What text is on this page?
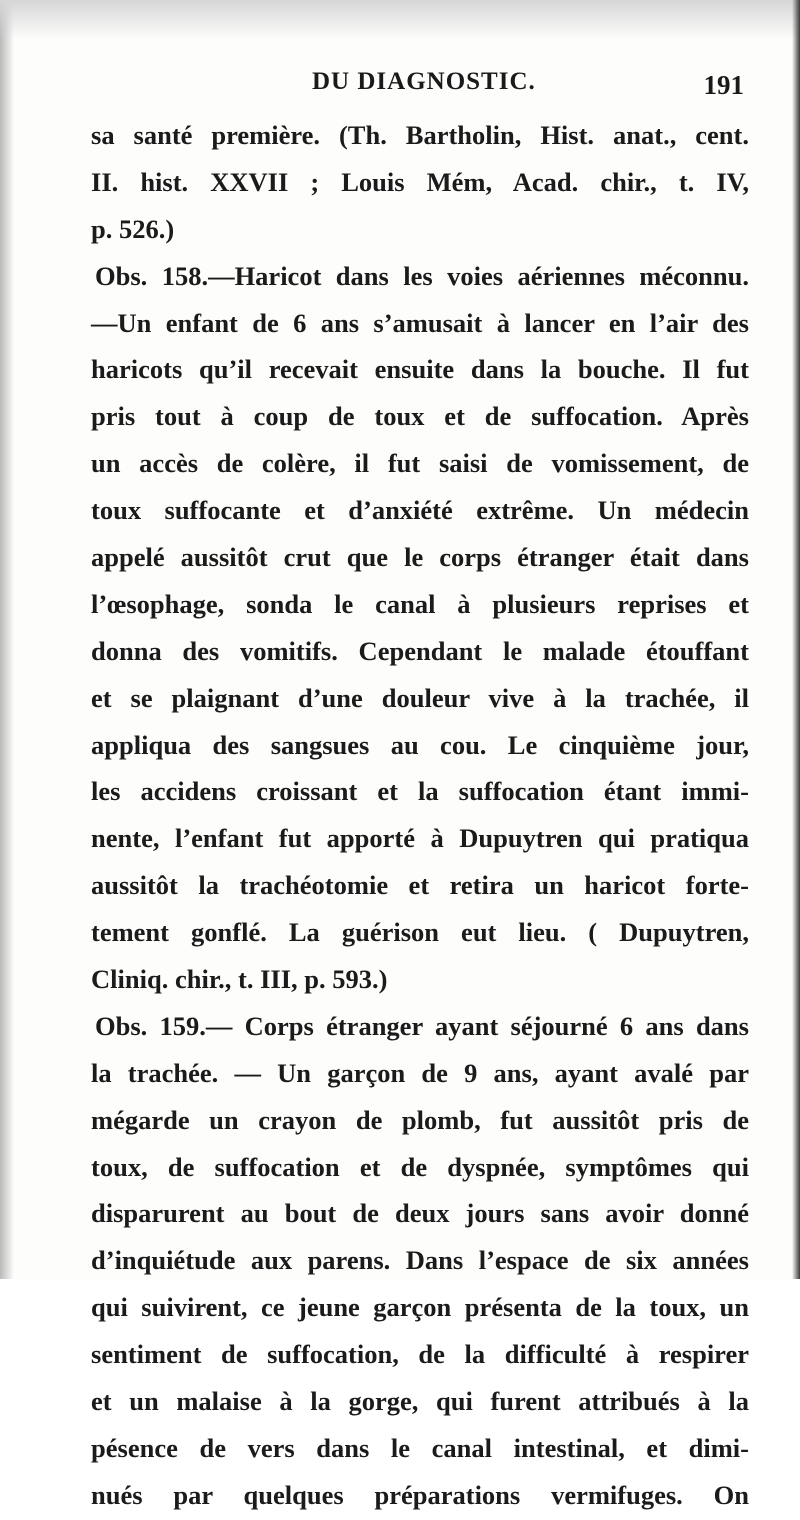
DU DIAGNOSTIC.	191
sa santé première. (Th. Bartholin, Hist. anat., cent.
II. hist. XXVII ; Louis Mém, Acad. chir., t. IV,
p. 526.)
Obs. 158.—Haricot dans les voies aériennes méconnu.
—Un enfant de 6 ans s’amusait à lancer en l’air des
haricots qu’il recevait ensuite dans la bouche. Il fut
pris tout à coup de toux et de suffocation. Après
un accès de colère, il fut saisi de vomissement, de
toux suffocante et d’anxiété extrême. Un médecin
appelé aussitôt crut que le corps étranger était dans
l’œsophage, sonda le canal à plusieurs reprises et
donna des vomitifs. Cependant le malade étouffant
et se plaignant d’une douleur vive à la trachée, il
appliqua des sangsues au cou. Le cinquième jour,
les accidens croissant et la suffocation étant immi-
nente, l’enfant fut apporté à Dupuytren qui pratiqua
aussitôt la trachéotomie et retira un haricot forte-
tement gonflé. La guérison eut lieu. ( Dupuytren,
Cliniq. chir., t. III, p. 593.)
Obs. 159.— Corps étranger ayant séjourné 6 ans dans
la trachée. — Un garçon de 9 ans, ayant avalé par
mégarde un crayon de plomb, fut aussitôt pris de
toux, de suffocation et de dyspnée, symptômes qui
disparurent au bout de deux jours sans avoir donné
d’inquiétude aux parens. Dans l’espace de six années
qui suivirent, ce jeune garçon présenta de la toux, un
sentiment de suffocation, de la difficulté à respirer
et un malaise à la gorge, qui furent attribués à la
pésence de vers dans le canal intestinal, et dimi-
nués par quelques préparations vermifuges. On
